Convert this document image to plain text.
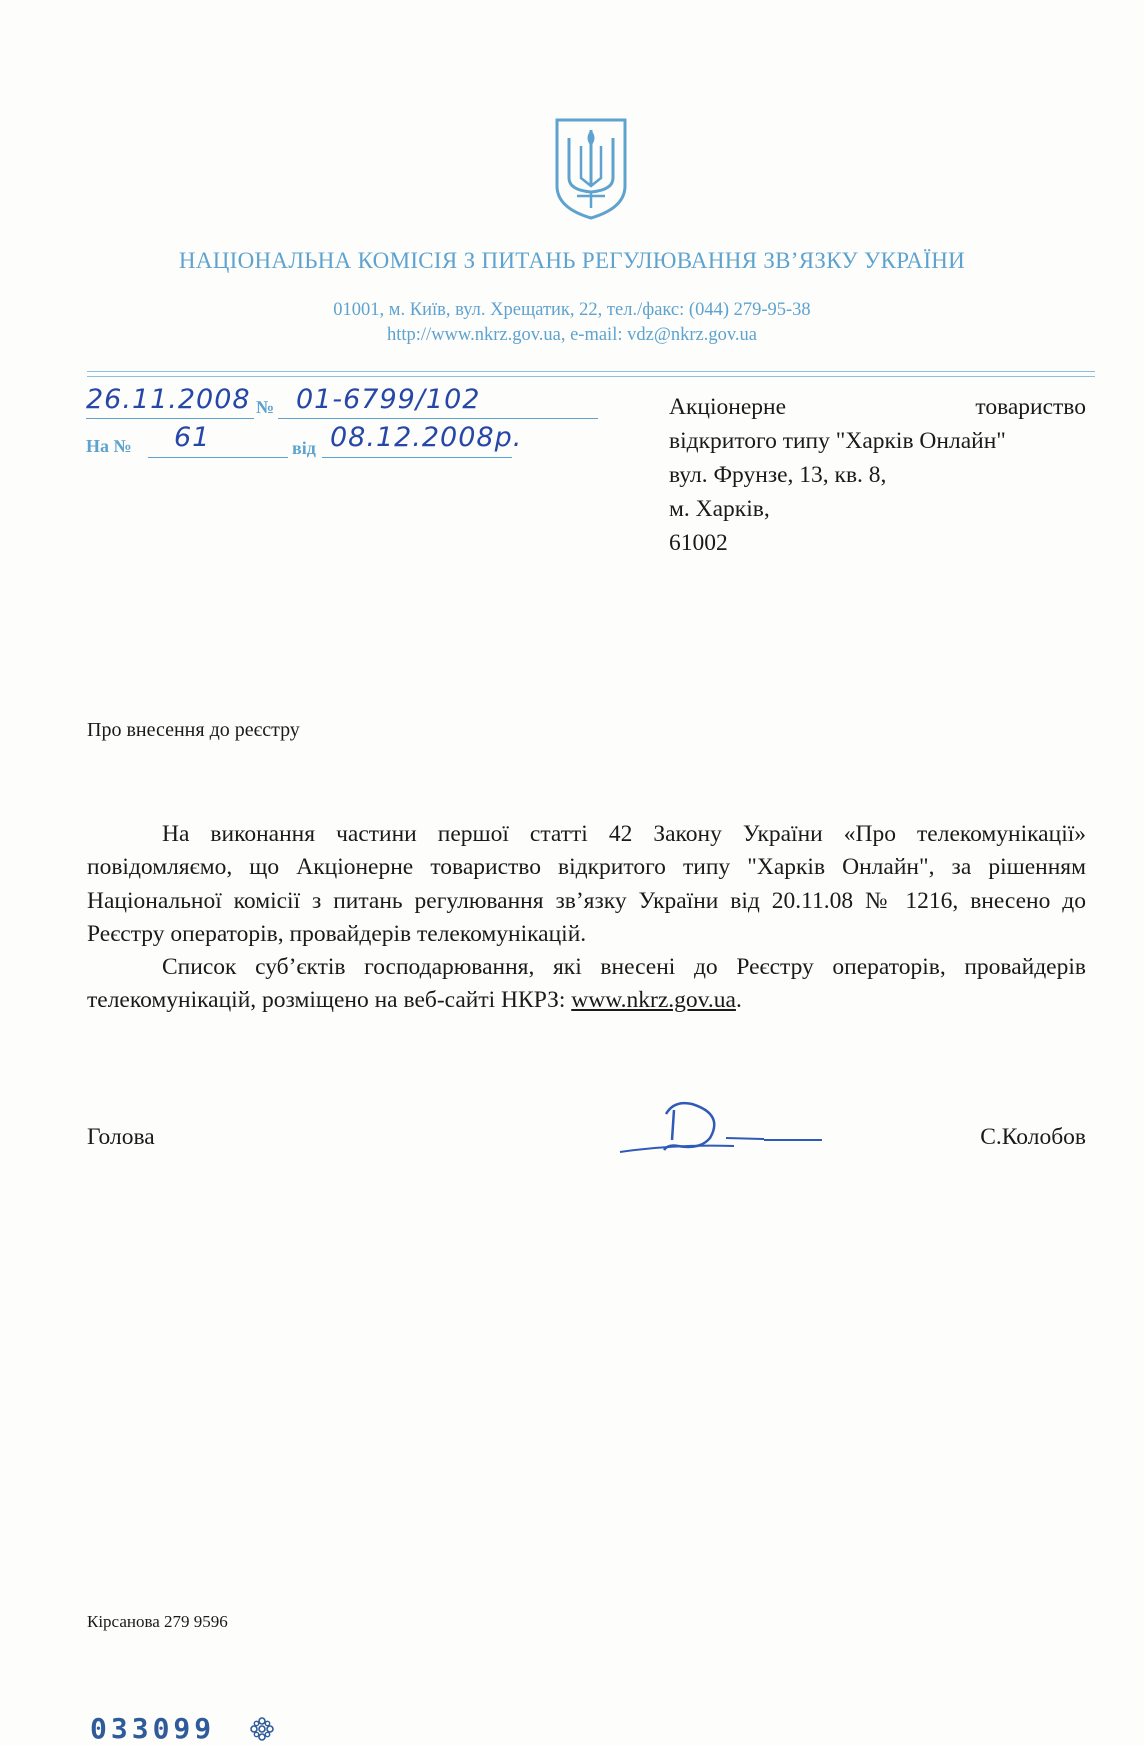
НАЦІОНАЛЬНА КОМІСІЯ З ПИТАНЬ РЕГУЛЮВАННЯ ЗВ’ЯЗКУ УКРАЇНИ
01001, м. Київ, вул. Хрещатик, 22, тел./факс: (044) 279-95-38
http://www.nkrz.gov.ua, e-mail: vdz@nkrz.gov.ua
26.11.2008 № 01-6799/102
На № 61	від 08.12.2008р.
Акціонерне	товариство
відкритого типу "Харків Онлайн"
вул. Фрунзе, 13, кв. 8,
м. Харків,
61002
Про внесення до реєстру

На виконання частини першої статті 42 Закону України «Про телекомунікації» повідомляємо, що Акціонерне товариство відкритого типу "Харків Онлайн", за рішенням Національної комісії з питань регулювання зв’язку України від 20.11.08 № 1216, внесено до Реєстру операторів, провайдерів телекомунікацій.

Список суб’єктів господарювання, які внесені до Реєстру операторів, провайдерів телекомунікацій, розміщено на веб-сайті НКРЗ: www.nkrz.gov.ua.

Голова	С.Колобов
Кірсанова 279 9596
033099
